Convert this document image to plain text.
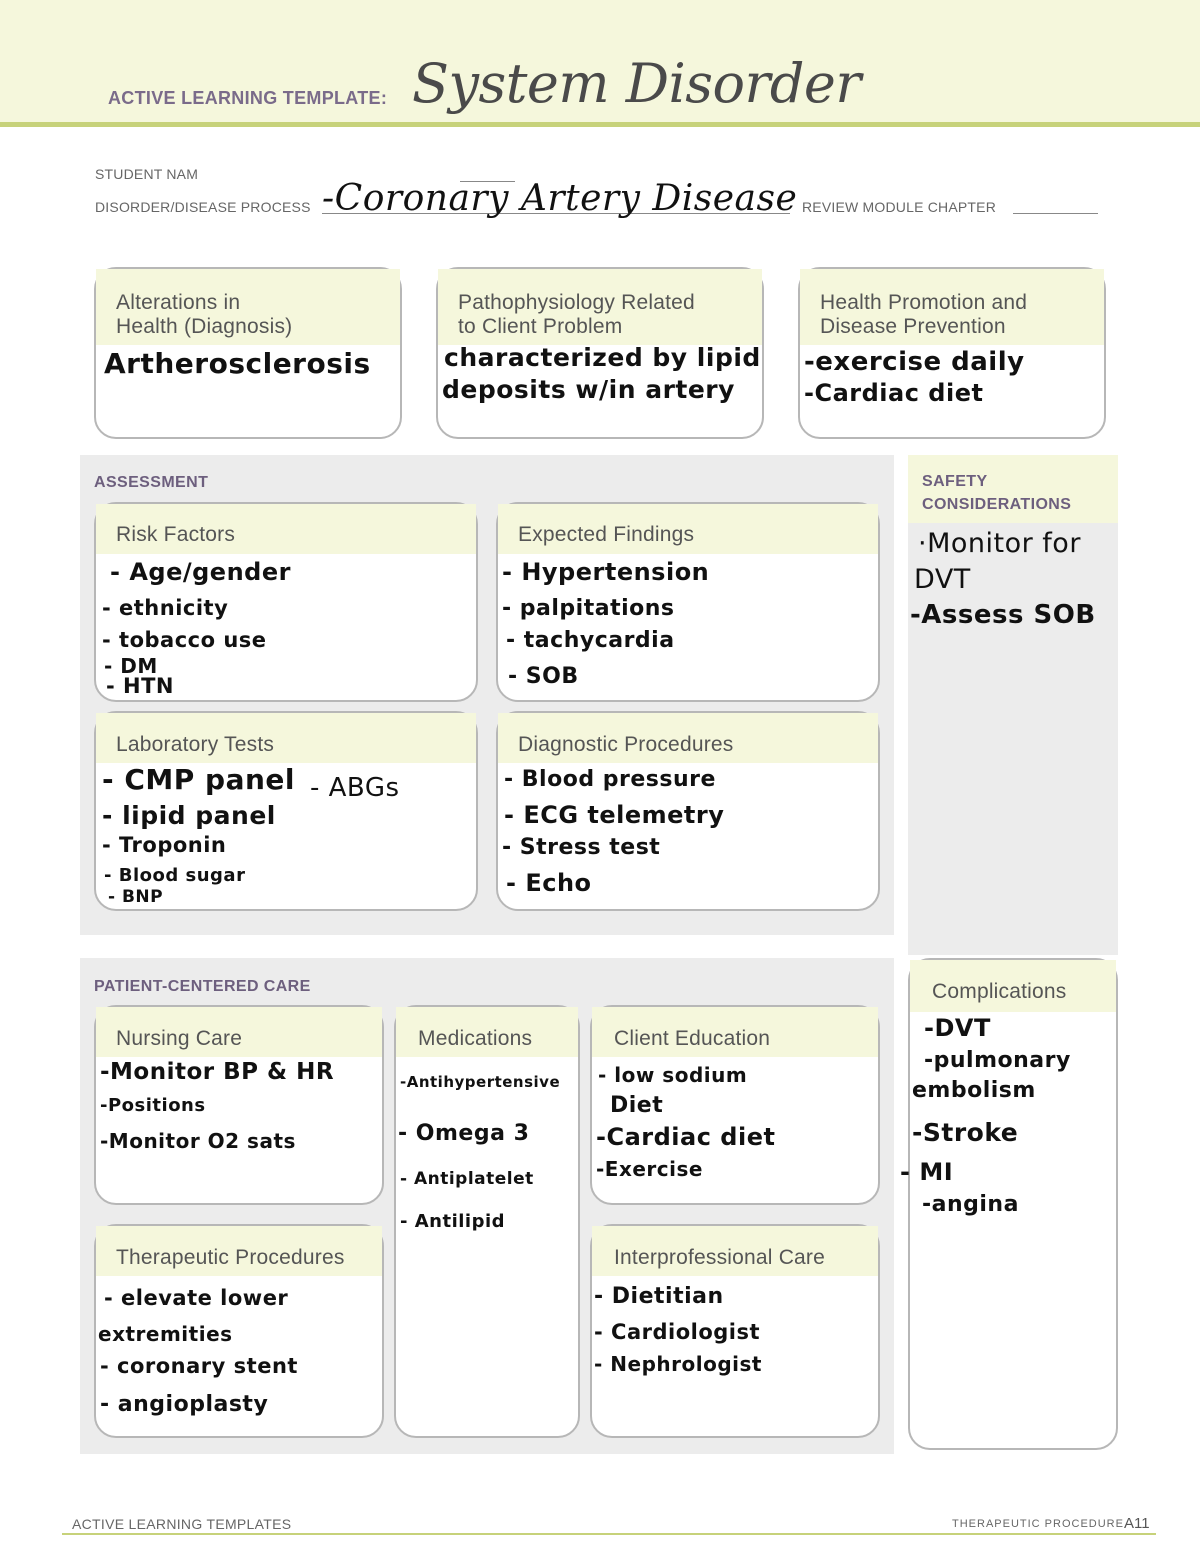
ACTIVE LEARNING TEMPLATE: System Disorder
STUDENT NAM
DISORDER/DISEASE PROCESS -Coronary Artery Disease REVIEW MODULE CHAPTER
Alterations in
Health (Diagnosis)
Artherosclerosis
Pathophysiology Related
to Client Problem
characterized by lipid
deposits w/in artery
Health Promotion and
Disease Prevention
-exercise daily
-Cardiac diet
ASSESSMENT
Risk Factors
- Age/gender
- ethnicity
- tobacco use
- DM
- HTN
Expected Findings
- Hypertension
- palpitations
- tachycardia
- SOB
Laboratory Tests
- CMP panel - ABGs
- lipid panel
- Troponin
- Blood sugar
- BNP
Diagnostic Procedures
- Blood pressure
- ECG telemetry
- Stress test
- Echo
SAFETY
CONSIDERATIONS
·Monitor for
DVT
-Assess SOB
Complications
-DVT
-pulmonary
embolism
-Stroke
- MI
-angina
PATIENT-CENTERED CARE
Nursing Care
-Monitor BP & HR
-Positions
-Monitor O2 sats
Medications
-Antihypertensive
- Omega 3
- Antiplatelet
- Antilipid
Client Education
- low sodium
Diet
-Cardiac diet
-Exercise
Therapeutic Procedures
- elevate lower
extremities
- coronary stent
- angioplasty
Interprofessional Care
- Dietitian
- Cardiologist
- Nephrologist
ACTIVE LEARNING TEMPLATES	THERAPEUTIC PROCEDURE A11
